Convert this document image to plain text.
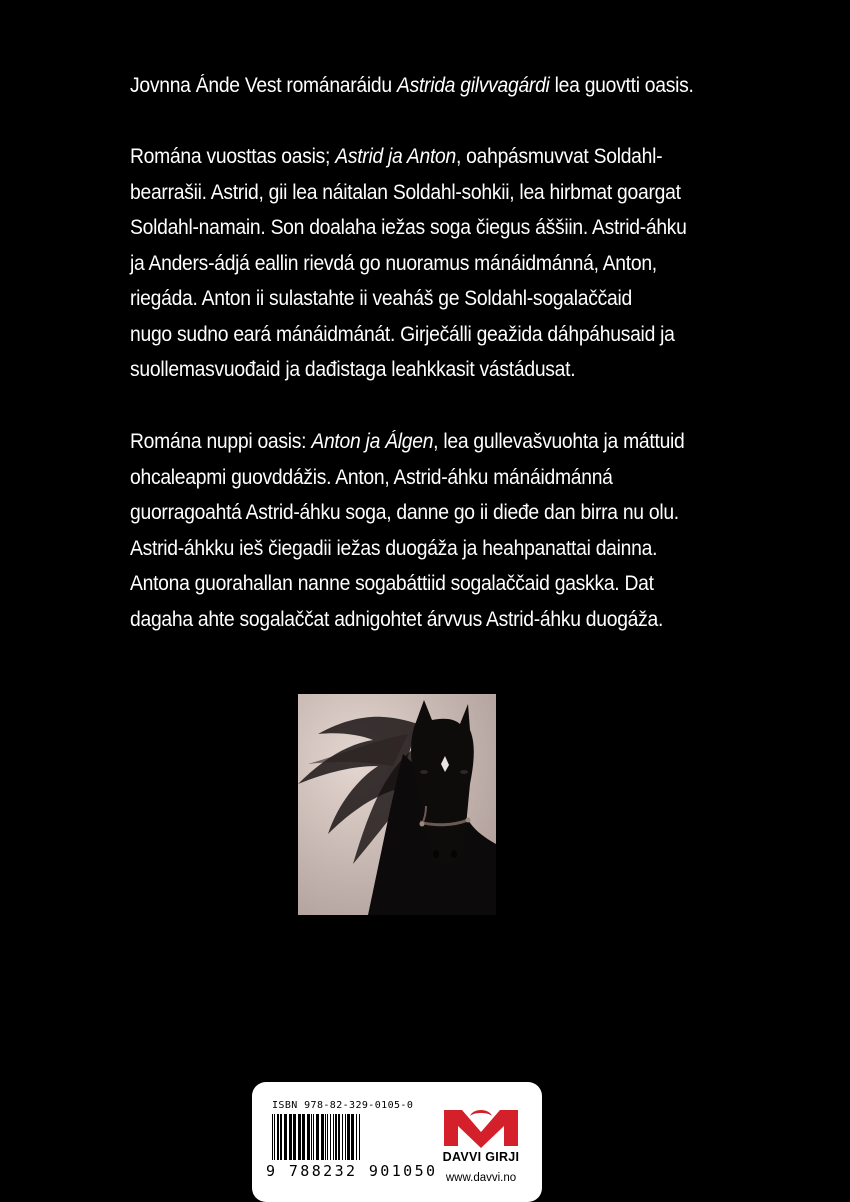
Jovnna Ánde Vest románaráidu Astrida gilvvagárdi lea guovtti oasis.

Romána vuosttas oasis; Astrid ja Anton, oahpásmuvvat Soldahl-

bearrašii. Astrid, gii lea náitalan Soldahl-sohkii, lea hirbmat goargat

Soldahl-namain. Son doalaha iežas soga čiegus áššiin. Astrid-áhku

ja Anders-ádjá eallin rievdá go nuoramus mánáidmánná, Anton,

riegáda. Anton ii sulastahte ii veaháš ge Soldahl-sogalaččaid

nugo sudno eará mánáidmánát. Girječálli geažida dáhpáhusaid ja

suollemasvuođaid ja dađistaga leahkkasit vástádusat.

Romána nuppi oasis: Anton ja Álgen, lea gullevašvuohta ja máttuid

ohcaleapmi guovddážis. Anton, Astrid-áhku mánáidmánná

guorragoahtá Astrid-áhku soga, danne go ii dieđe dan birra nu olu.

Astrid-áhkku ieš čiegadii iežas duogáža ja heahpanattai dainna.

Antona guorahallan nanne sogabáttiid sogalaččaid gaskka. Dat

dagaha ahte sogalaččat adnigohtet árvvus Astrid-áhku duogáža.

ISBN 978-82-329-0105-0
9 788232 901050
DAVVI GIRJI
www.davvi.no
